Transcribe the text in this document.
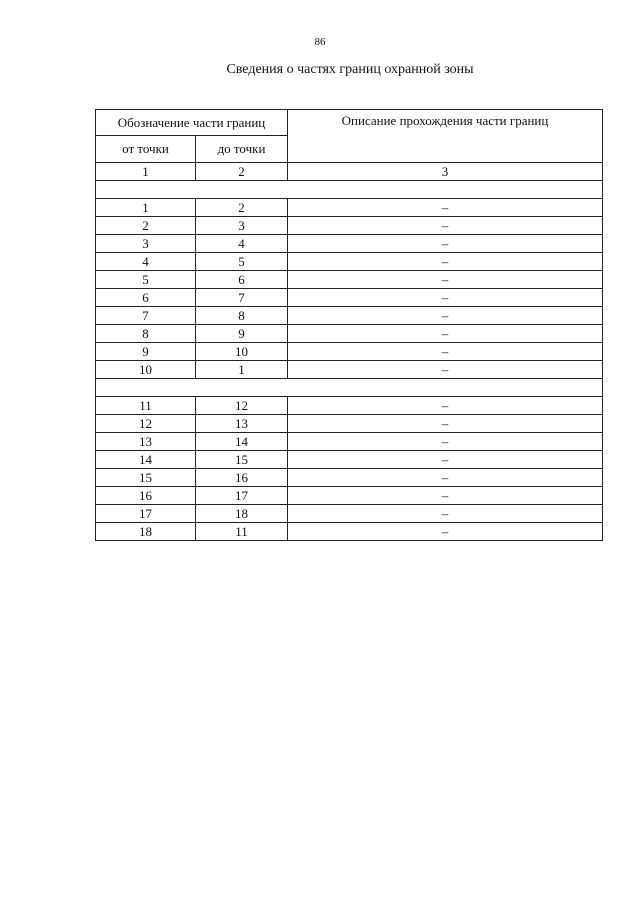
86
Сведения о частях границ охранной зоны
Обозначение части границ		Описание прохождения части границ
от точки	до точки	
1	2	3

1	2	–
2	3	–
3	4	–
4	5	–
5	6	–
6	7	–
7	8	–
8	9	–
9	10	–
10	1	–

11	12	–
12	13	–
13	14	–
14	15	–
15	16	–
16	17	–
17	18	–
18	11	–
